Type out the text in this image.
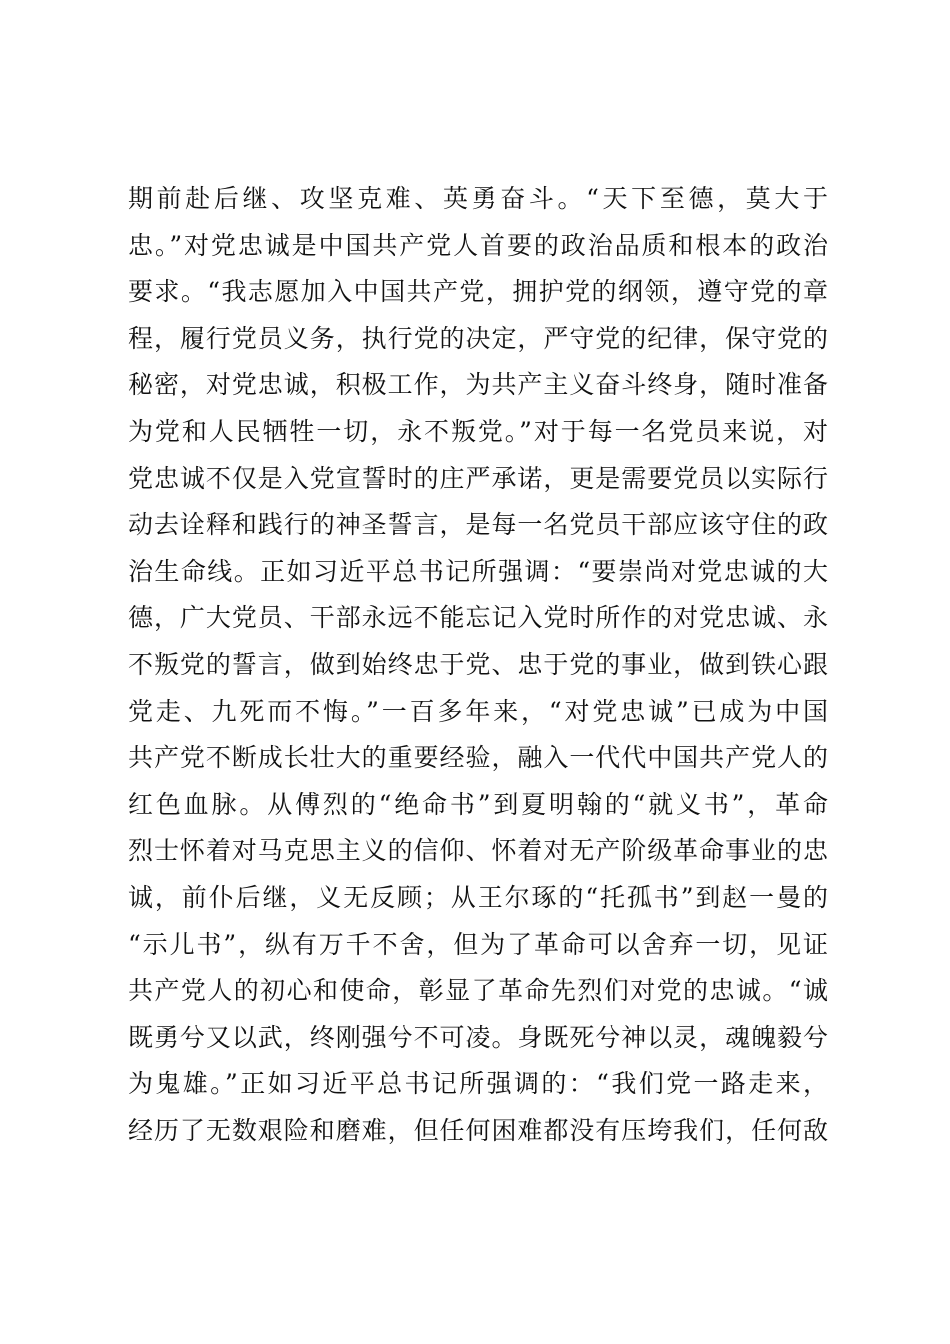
期前赴后继、攻坚克难、英勇奋斗。“天下至德，莫大于
忠。”对党忠诚是中国共产党人首要的政治品质和根本的政治
要求。“我志愿加入中国共产党，拥护党的纲领，遵守党的章
程，履行党员义务，执行党的决定，严守党的纪律，保守党的
秘密，对党忠诚，积极工作，为共产主义奋斗终身，随时准备
为党和人民牺牲一切，永不叛党。”对于每一名党员来说，对
党忠诚不仅是入党宣誓时的庄严承诺，更是需要党员以实际行
动去诠释和践行的神圣誓言，是每一名党员干部应该守住的政
治生命线。正如习近平总书记所强调：“要崇尚对党忠诚的大
德，广大党员、干部永远不能忘记入党时所作的对党忠诚、永
不叛党的誓言，做到始终忠于党、忠于党的事业，做到铁心跟
党走、九死而不悔。”一百多年来，“对党忠诚”已成为中国
共产党不断成长壮大的重要经验，融入一代代中国共产党人的
红色血脉。从傅烈的“绝命书”到夏明翰的“就义书”，革命
烈士怀着对马克思主义的信仰、怀着对无产阶级革命事业的忠
诚，前仆后继，义无反顾；从王尔琢的“托孤书”到赵一曼的
“示儿书”，纵有万千不舍，但为了革命可以舍弃一切，见证
共产党人的初心和使命，彰显了革命先烈们对党的忠诚。“诚
既勇兮又以武，终刚强兮不可凌。身既死兮神以灵，魂魄毅兮
为鬼雄。”正如习近平总书记所强调的：“我们党一路走来，
经历了无数艰险和磨难，但任何困难都没有压垮我们，任何敌
